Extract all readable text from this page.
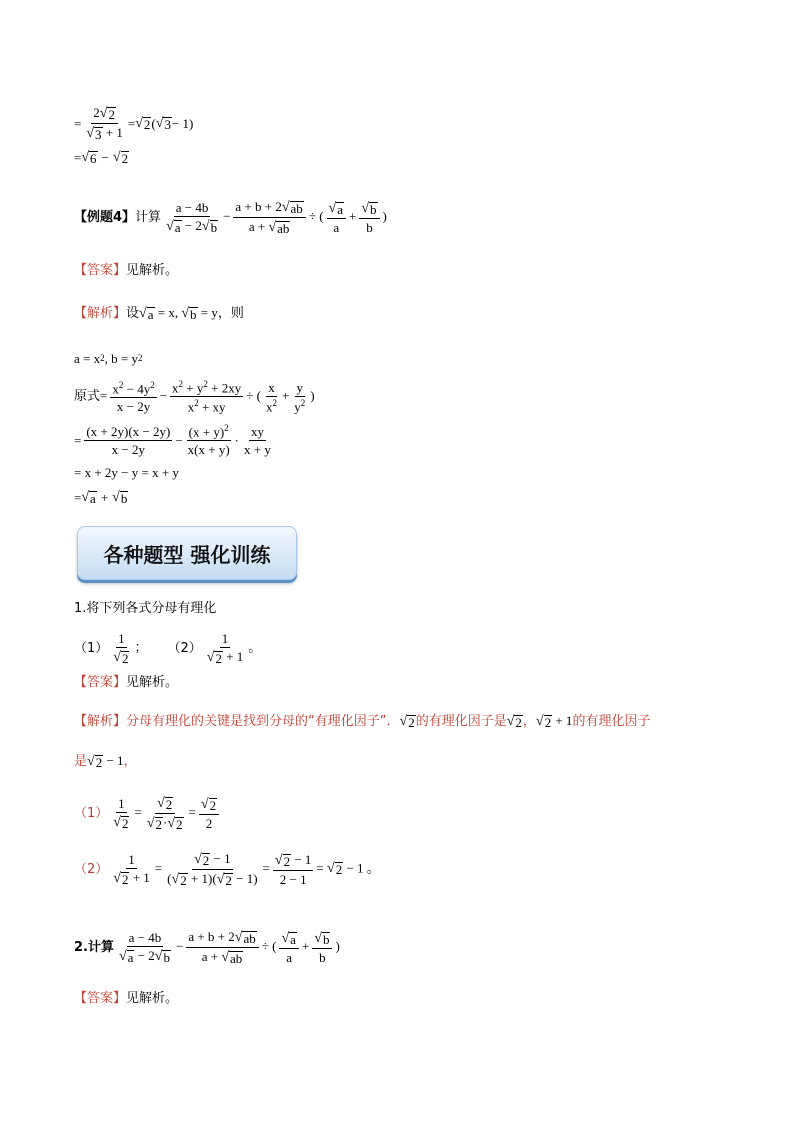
= $\frac{2 √ 2}{√ 3 + 1}$ = √ 2 ( √ 3 − 1)
= √ 6 − √ 2
【例题4】 计算 $\frac{a - 4b}{√ a - 2 √ b} - \frac{a + b + 2 √ ab}{a + √ ab}$ ÷ ( $\frac{√ a}{a} + \frac{√ b}{b}$ )
【答案】 见解析。
【解析】 设 √ a = x, √ b = y ，则
a = x 2 , b = y 2
原式 = $\frac{x^2 - 4y^2}{x - 2y} - \frac{x^2 + y^2 + 2xy}{x^2 + xy}$ ÷ ( $\frac{x}{x^2} + \frac{y}{y^2}$ )
= $\frac{(x + 2y)(x - 2y)}{x - 2y} - \frac{(x + y)^2}{x(x + y)} \cdot \frac{xy}{x + y}$
= x + 2y − y = x + y
= √ a + √ b
各种题型 强化训练
1.将下列各式分母有理化
$(1) \frac{1}{√ 2}$ ； $(2) \frac{1}{√ 2 + 1}$ 。
【答案】 见解析。
【解析】 分母有理化的关键是找到分母的“有理化因子”． √ 2 的有理化因子是 √ 2 ， √ 2 + 1 的有理化因子
是 √ 2 − 1 ，
$(1) \frac{1}{√ 2} = \frac{√ 2}{√ 2 \cdot √ 2} = \frac{√ 2}{2}$
$(2) \frac{1}{√ 2 + 1} = \frac{√ 2 - 1}{( √ 2 + 1)( √ 2 - 1)} = \frac{√ 2 - 1}{2 - 1}$ = √ 2 − 1 。
2.计算 $\frac{a - 4b}{√ a - 2 √ b} - \frac{a + b + 2 √ ab}{a + √ ab}$ ÷ ( $\frac{√ a}{a} + \frac{√ b}{b}$ )
【答案】 见解析。
